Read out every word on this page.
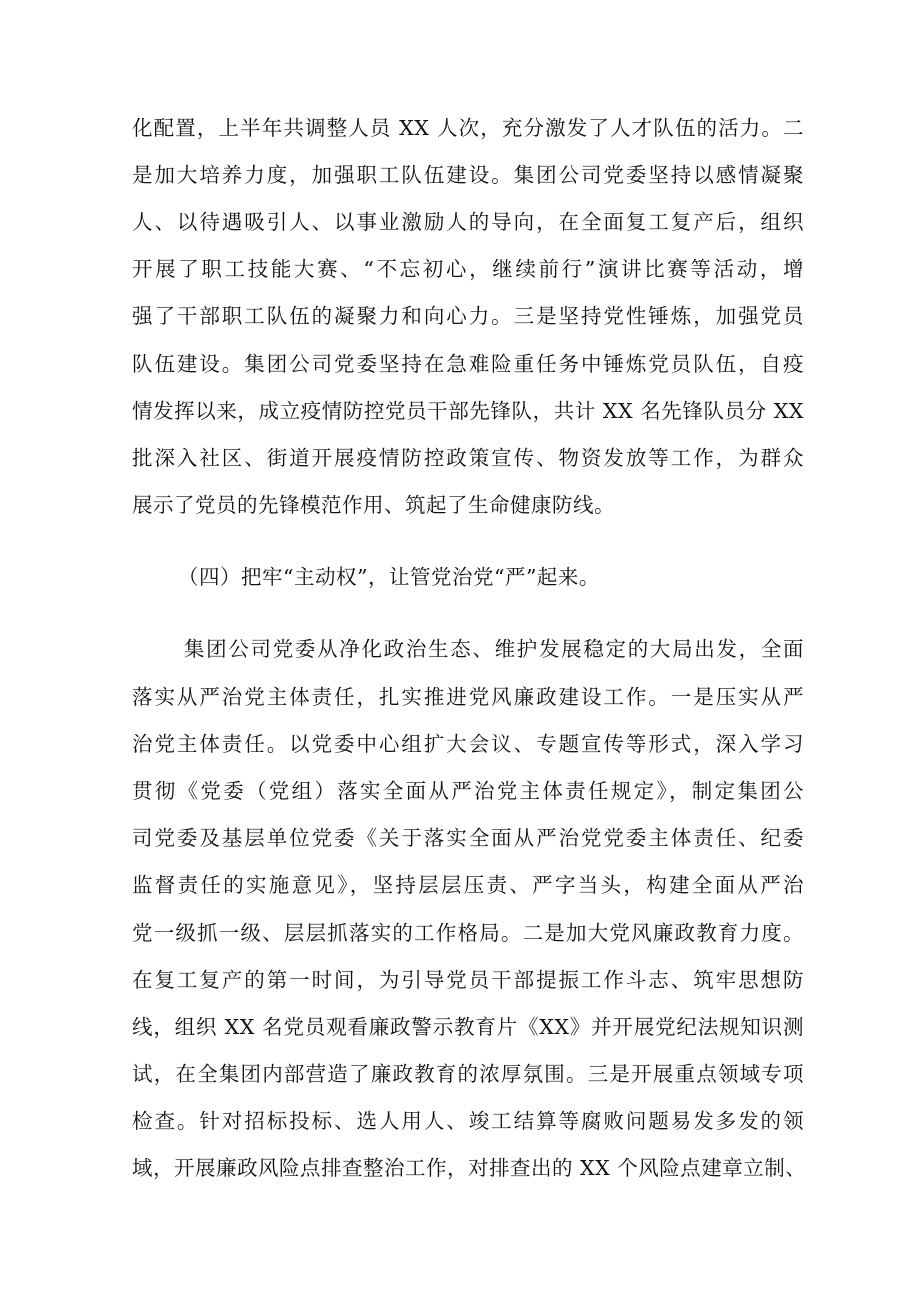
化配置，上半年共调整人员 XX 人次，充分激发了人才队伍的活力。二
是加大培养力度，加强职工队伍建设。集团公司党委坚持以感情凝聚
人、以待遇吸引人、以事业激励人的导向，在全面复工复产后，组织
开展了职工技能大赛、“不忘初心，继续前行”演讲比赛等活动，增
强了干部职工队伍的凝聚力和向心力。三是坚持党性锤炼，加强党员
队伍建设。集团公司党委坚持在急难险重任务中锤炼党员队伍，自疫
情发挥以来，成立疫情防控党员干部先锋队，共计 XX 名先锋队员分 XX
批深入社区、街道开展疫情防控政策宣传、物资发放等工作，为群众
展示了党员的先锋模范作用、筑起了生命健康防线。
（四）把牢“主动权”，让管党治党“严”起来。
集团公司党委从净化政治生态、维护发展稳定的大局出发，全面
落实从严治党主体责任，扎实推进党风廉政建设工作。一是压实从严
治党主体责任。以党委中心组扩大会议、专题宣传等形式，深入学习
贯彻《党委（党组）落实全面从严治党主体责任规定》，制定集团公
司党委及基层单位党委《关于落实全面从严治党党委主体责任、纪委
监督责任的实施意见》，坚持层层压责、严字当头，构建全面从严治
党一级抓一级、层层抓落实的工作格局。二是加大党风廉政教育力度。
在复工复产的第一时间，为引导党员干部提振工作斗志、筑牢思想防
线，组织 XX 名党员观看廉政警示教育片《XX》并开展党纪法规知识测
试，在全集团内部营造了廉政教育的浓厚氛围。三是开展重点领域专项
检查。针对招标投标、选人用人、竣工结算等腐败问题易发多发的领
域，开展廉政风险点排查整治工作，对排查出的 XX 个风险点建章立制、
